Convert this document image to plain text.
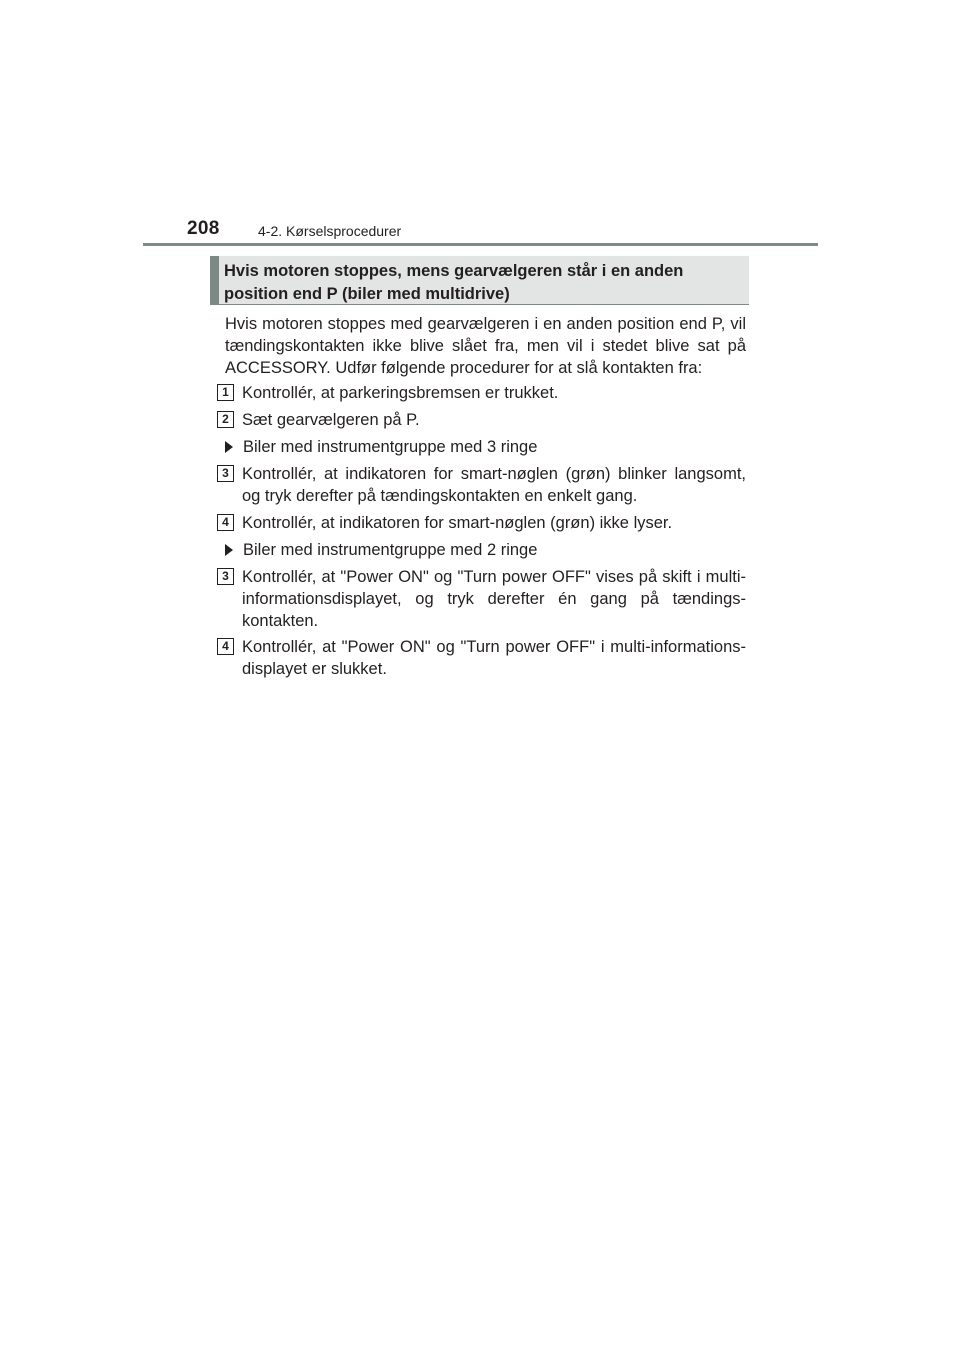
208	4-2. Kørselsprocedurer
Hvis motoren stoppes, mens gearvælgeren står i en anden
position end P (biler med multidrive)
Hvis motoren stoppes med gearvælgeren i en anden position end P, vil tændingskontakten ikke blive slået fra, men vil i stedet blive sat på ACCESSORY. Udfør følgende procedurer for at slå kontakten fra:
1 Kontrollér, at parkeringsbremsen er trukket.
2 Sæt gearvælgeren på P.
Biler med instrumentgruppe med 3 ringe
3 Kontrollér, at indikatoren for smart-nøglen (grøn) blinker langsomt, og tryk derefter på tændingskontakten en enkelt gang.
4 Kontrollér, at indikatoren for smart-nøglen (grøn) ikke lyser.
Biler med instrumentgruppe med 2 ringe
3 Kontrollér, at "Power ON" og "Turn power OFF" vises på skift i multi-informationsdisplayet, og tryk derefter én gang på tændings-kontakten.
4 Kontrollér, at "Power ON" og "Turn power OFF" i multi-informations-displayet er slukket.
